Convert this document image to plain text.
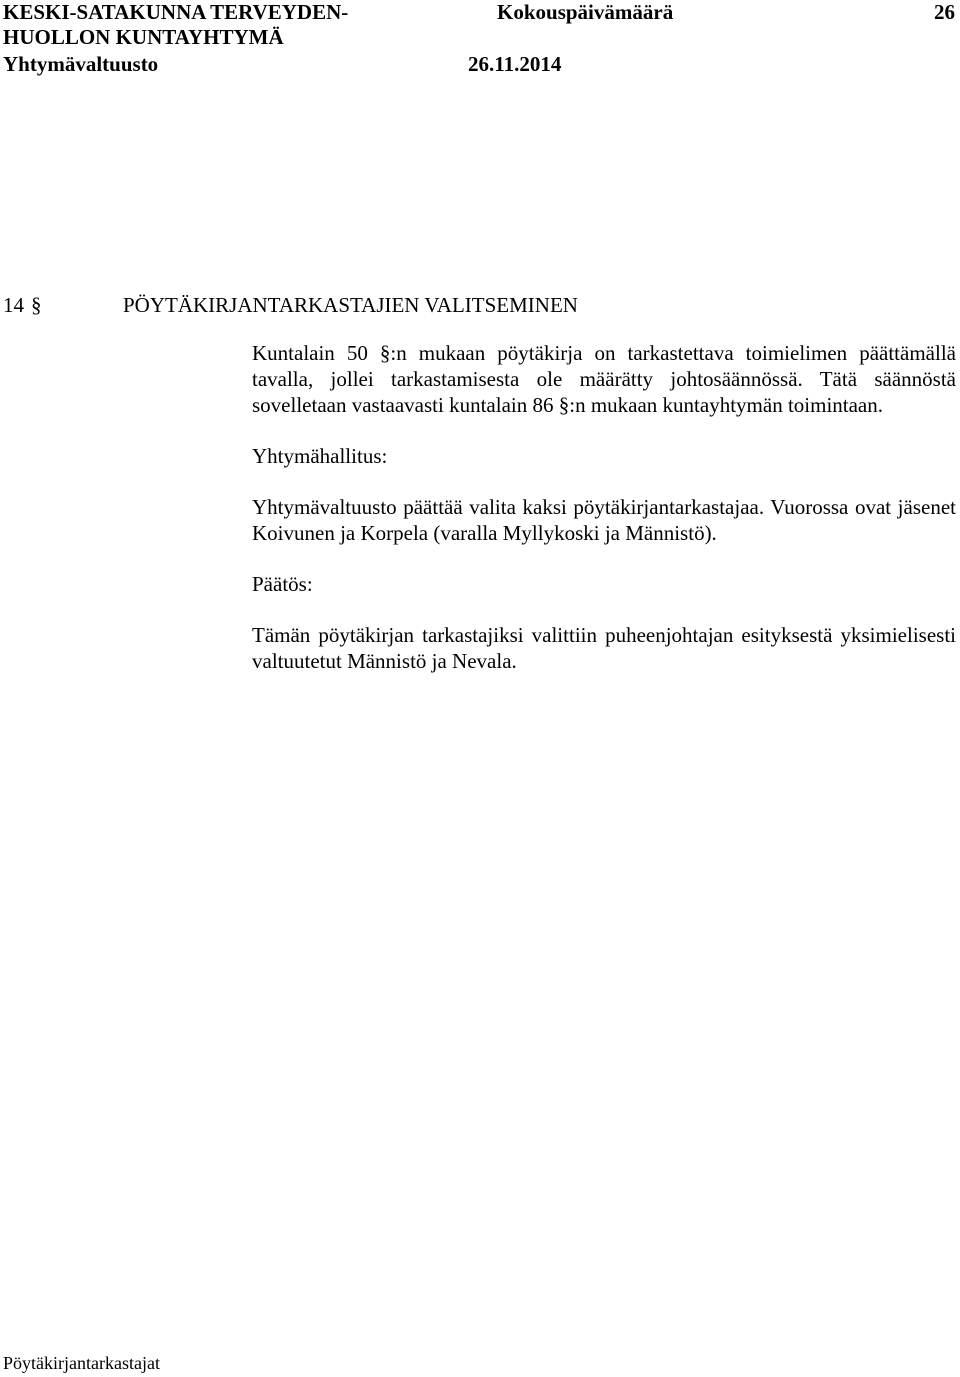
KESKI-SATAKUNNA TERVEYDEN-
HUOLLON KUNTAYHTYMÄ
Yhtymävaltuusto
Kokouspäivämäärä
26.11.2014
26
14 §	PÖYTÄKIRJANTARKASTAJIEN VALITSEMINEN

Kuntalain 50 §:n mukaan pöytäkirja on tarkastettava toimielimen päättämällä tavalla, jollei tarkastamisesta ole määrätty johtosäännössä. Tätä säännöstä sovelletaan vastaavasti kuntalain 86 §:n mukaan kuntayhtymän toimintaan.

Yhtymähallitus:

Yhtymävaltuusto päättää valita kaksi pöytäkirjantarkastajaa. Vuorossa ovat jäsenet Koivunen ja Korpela (varalla Myllykoski ja Männistö).

Päätös:

Tämän pöytäkirjan tarkastajiksi valittiin puheenjohtajan esityksestä yksimielisesti valtuutetut Männistö ja Nevala.

Pöytäkirjantarkastajat
